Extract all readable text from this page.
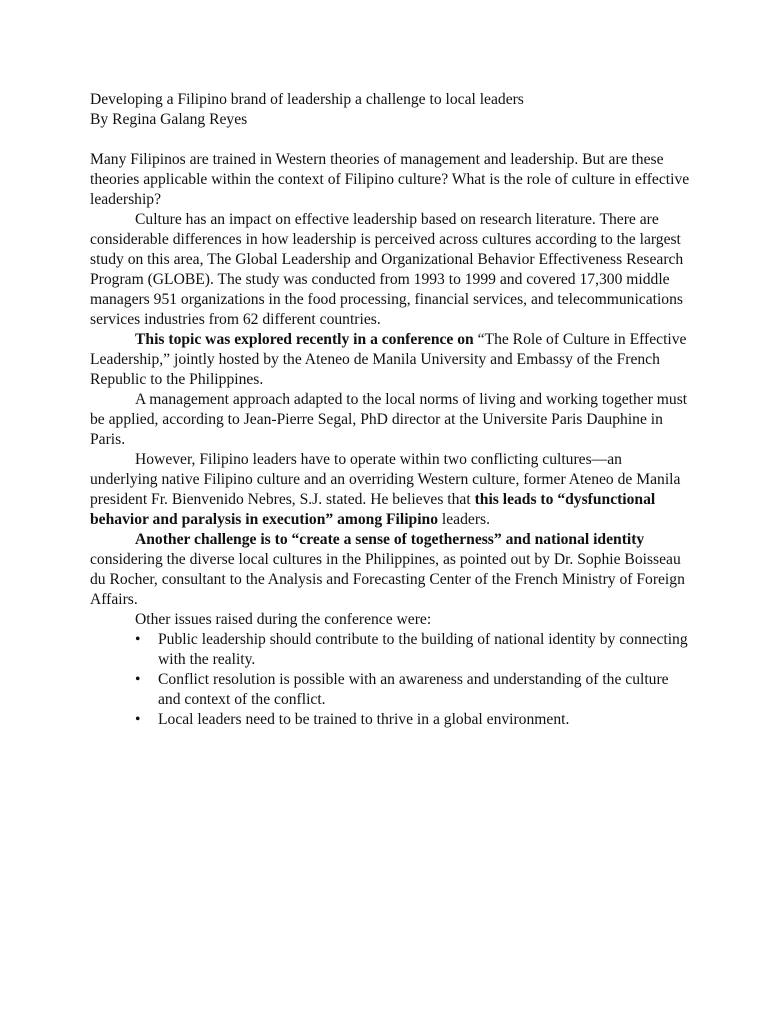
Developing a Filipino brand of leadership a challenge to local leaders

By Regina Galang Reyes

Many Filipinos are trained in Western theories of management and leadership. But are these theories applicable within the context of Filipino culture? What is the role of culture in effective leadership?

Culture has an impact on effective leadership based on research literature. There are considerable differences in how leadership is perceived across cultures according to the largest study on this area, The Global Leadership and Organizational Behavior Effectiveness Research Program (GLOBE). The study was conducted from 1993 to 1999 and covered 17,300 middle managers 951 organizations in the food processing, financial services, and telecommunications services industries from 62 different countries.

This topic was explored recently in a conference on “The Role of Culture in Effective Leadership,” jointly hosted by the Ateneo de Manila University and Embassy of the French Republic to the Philippines.

A management approach adapted to the local norms of living and working together must be applied, according to Jean-Pierre Segal, PhD director at the Universite Paris Dauphine in Paris.

However, Filipino leaders have to operate within two conflicting cultures—an underlying native Filipino culture and an overriding Western culture, former Ateneo de Manila president Fr. Bienvenido Nebres, S.J. stated. He believes that this leads to “dysfunctional behavior and paralysis in execution” among Filipino leaders.

Another challenge is to “create a sense of togetherness” and national identity considering the diverse local cultures in the Philippines, as pointed out by Dr. Sophie Boisseau du Rocher, consultant to the Analysis and Forecasting Center of the French Ministry of Foreign Affairs.

Other issues raised during the conference were:

• Public leadership should contribute to the building of national identity by connecting with the reality.
• Conflict resolution is possible with an awareness and understanding of the culture and context of the conflict.
• Local leaders need to be trained to thrive in a global environment.
